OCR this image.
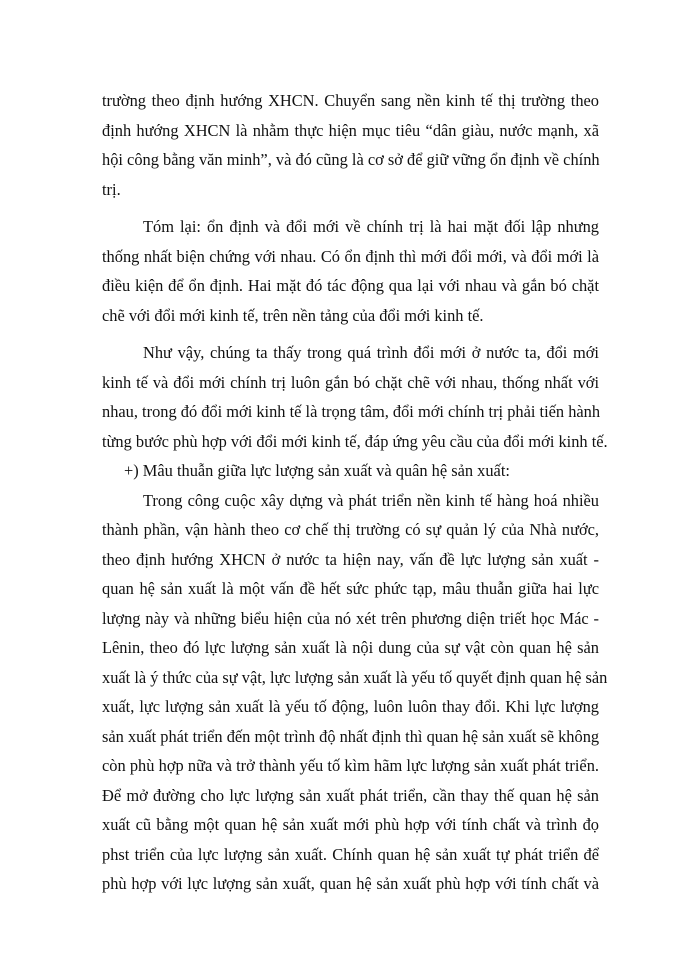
trường theo định hướng XHCN. Chuyển sang nền kinh tế thị trường theo
định hướng XHCN là nhằm thực hiện mục tiêu “dân giàu, nước mạnh, xã
hội công bằng văn minh”, và đó cũng là cơ sở để giữ vững ổn định về chính
trị.
Tóm lại: ổn định và đổi mới về chính trị là hai mặt đối lập nhưng
thống nhất biện chứng với nhau. Có ổn định thì mới đổi mới, và đổi mới là
điều kiện để ổn định. Hai mặt đó tác động qua lại với nhau và gắn bó chặt
chẽ với đổi mới kinh tế, trên nền tảng của đổi mới kinh tế.
Như vậy, chúng ta thấy trong quá trình đổi mới ở nước ta, đổi mới
kinh tế và đổi mới chính trị luôn gắn bó chặt chẽ với nhau, thống nhất với
nhau, trong đó đổi mới kinh tế là trọng tâm, đổi mới chính trị phải tiến hành
từng bước phù hợp với đổi mới kinh tế, đáp ứng yêu cầu của đổi mới kinh tế.
+) Mâu thuẫn giữa lực lượng sản xuất và quân hệ sản xuất:
Trong công cuộc xây dựng và phát triển nền kinh tế hàng hoá nhiều
thành phần, vận hành theo cơ chế thị trường có sự quản lý của Nhà nước,
theo định hướng XHCN ở nước ta hiện nay, vấn đề lực lượng sản xuất -
quan hệ sản xuất là một vấn đề hết sức phức tạp, mâu thuẫn giữa hai lực
lượng này và những biểu hiện của nó xét trên phương diện triết học Mác -
Lênin, theo đó lực lượng sản xuất là nội dung của sự vật còn quan hệ sản
xuất là ý thức của sự vật, lực lượng sản xuất là yếu tố quyết định quan hệ sản
xuất, lực lượng sản xuất là yếu tố động, luôn luôn thay đổi. Khi lực lượng
sản xuất phát triển đến một trình độ nhất định thì quan hệ sản xuất sẽ không
còn phù hợp nữa và trở thành yếu tố kìm hãm lực lượng sản xuất phát triển.
Để mở đường cho lực lượng sản xuất phát triển, cần thay thế quan hệ sản
xuất cũ bằng một quan hệ sản xuất mới phù hợp với tính chất và trình đọ
phst triển của lực lượng sản xuất. Chính quan hệ sản xuất tự phát triển để
phù hợp với lực lượng sản xuất, quan hệ sản xuất phù hợp với tính chất và
